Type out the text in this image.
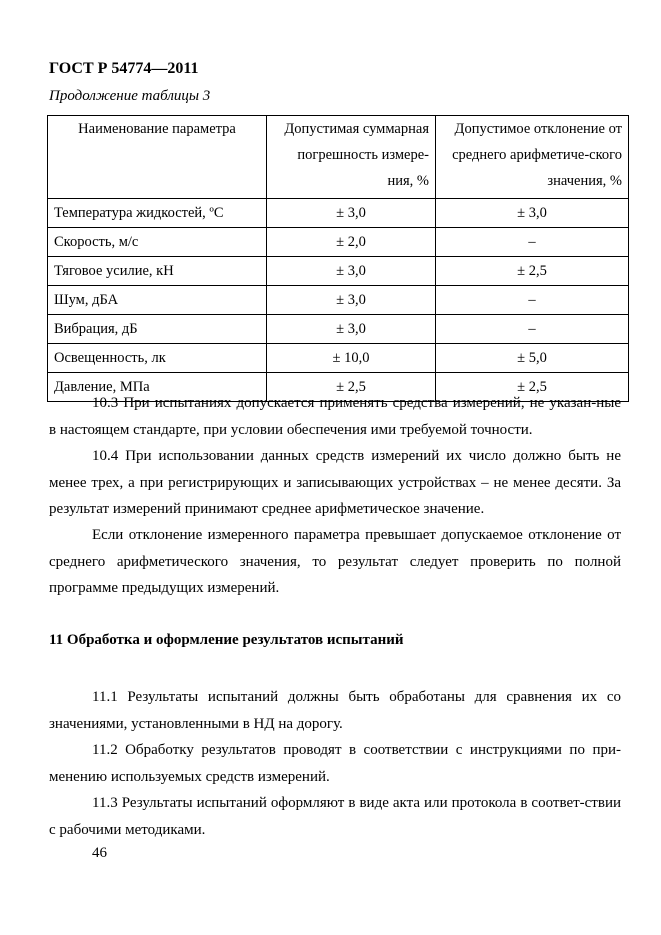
ГОСТ Р 54774—2011
Продолжение таблицы 3
Наименование параметра	Допустимая суммарная погрешность измере-ния, %	Допустимое отклонение от среднего арифметиче-ского значения, %
Температура жидкостей, ºС	± 3,0	± 3,0
Скорость, м/с	± 2,0	–
Тяговое усилие, кН	± 3,0	± 2,5
Шум, дБА	± 3,0	–
Вибрация, дБ	± 3,0	–
Освещенность, лк	± 10,0	± 5,0
Давление, МПа	± 2,5	± 2,5

10.3 При испытаниях допускается применять средства измерений, не указан-ные в настоящем стандарте, при условии обеспечения ими требуемой точности.

10.4 При использовании данных средств измерений их число должно быть не менее трех, а при регистрирующих и записывающих устройствах – не менее десяти. За результат измерений принимают среднее арифметическое значение.

Если отклонение измеренного параметра превышает допускаемое отклонение от среднего арифметического значения, то результат следует проверить по полной программе предыдущих измерений.

11 Обработка и оформление результатов испытаний

11.1 Результаты испытаний должны быть обработаны для сравнения их со значениями, установленными в НД на дорогу.

11.2 Обработку результатов проводят в соответствии с инструкциями по при-менению используемых средств измерений.

11.3 Результаты испытаний оформляют в виде акта или протокола в соответ-ствии с рабочими методиками.

46
